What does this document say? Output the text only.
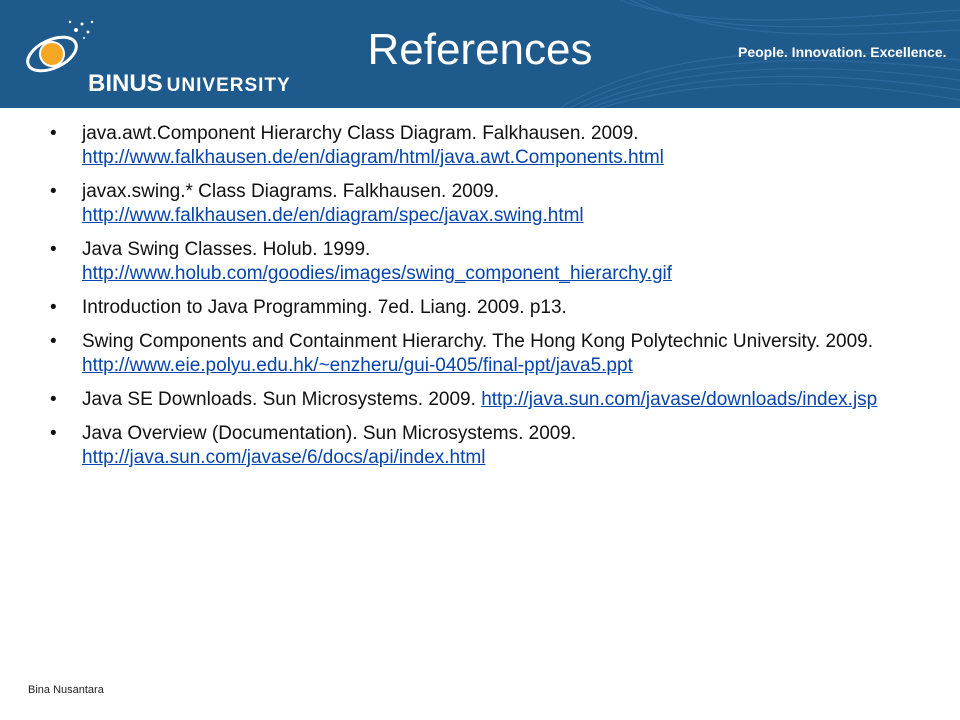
BINUS UNIVERSITY
References	People. Innovation. Excellence.
• java.awt.Component Hierarchy Class Diagram. Falkhausen. 2009. http://www.falkhausen.de/en/diagram/html/java.awt.Components.html
• javax.swing.* Class Diagrams. Falkhausen. 2009. http://www.falkhausen.de/en/diagram/spec/javax.swing.html
• Java Swing Classes. Holub. 1999. http://www.holub.com/goodies/images/swing_component_hierarchy.gif
• Introduction to Java Programming. 7ed. Liang. 2009. p13.
• Swing Components and Containment Hierarchy. The Hong Kong Polytechnic University. 2009. http://www.eie.polyu.edu.hk/~enzheru/gui-0405/final-ppt/java5.ppt
• Java SE Downloads. Sun Microsystems. 2009. http://java.sun.com/javase/downloads/index.jsp
• Java Overview (Documentation). Sun Microsystems. 2009. http://java.sun.com/javase/6/docs/api/index.html
Bina Nusantara
